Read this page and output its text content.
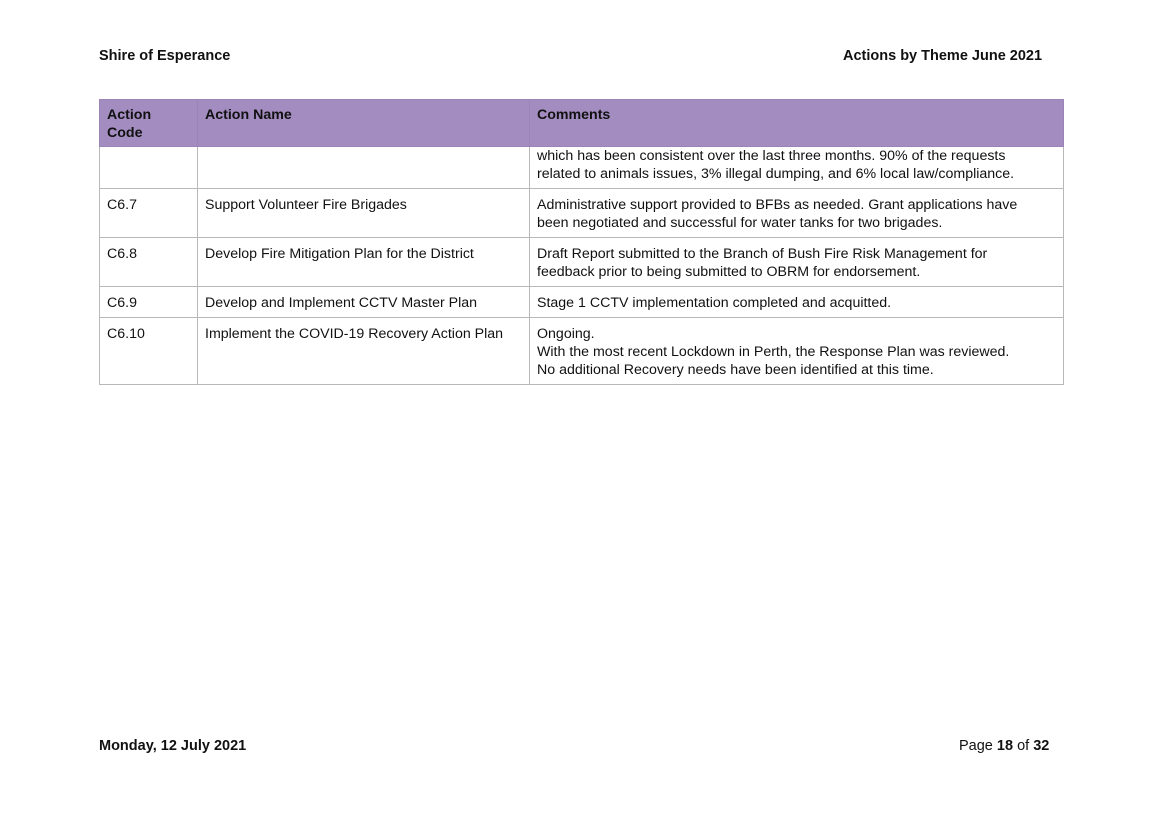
Shire of Esperance	Actions by Theme June 2021
Action
Code	Action Name	Comments

		which has been consistent over the last three months. 90% of the requests
related to animals issues, 3% illegal dumping, and 6% local law/compliance.

C6.7	Support Volunteer Fire Brigades	Administrative support provided to BFBs as needed. Grant applications have
been negotiated and successful for water tanks for two brigades.

C6.8	Develop Fire Mitigation Plan for the District	Draft Report submitted to the Branch of Bush Fire Risk Management for
feedback prior to being submitted to OBRM for endorsement.

C6.9	Develop and Implement CCTV Master Plan	Stage 1 CCTV implementation completed and acquitted.

C6.10	Implement the COVID-19 Recovery Action Plan	Ongoing.
With the most recent Lockdown in Perth, the Response Plan was reviewed.
No additional Recovery needs have been identified at this time.
Monday, 12 July 2021	Page 18 of 32
